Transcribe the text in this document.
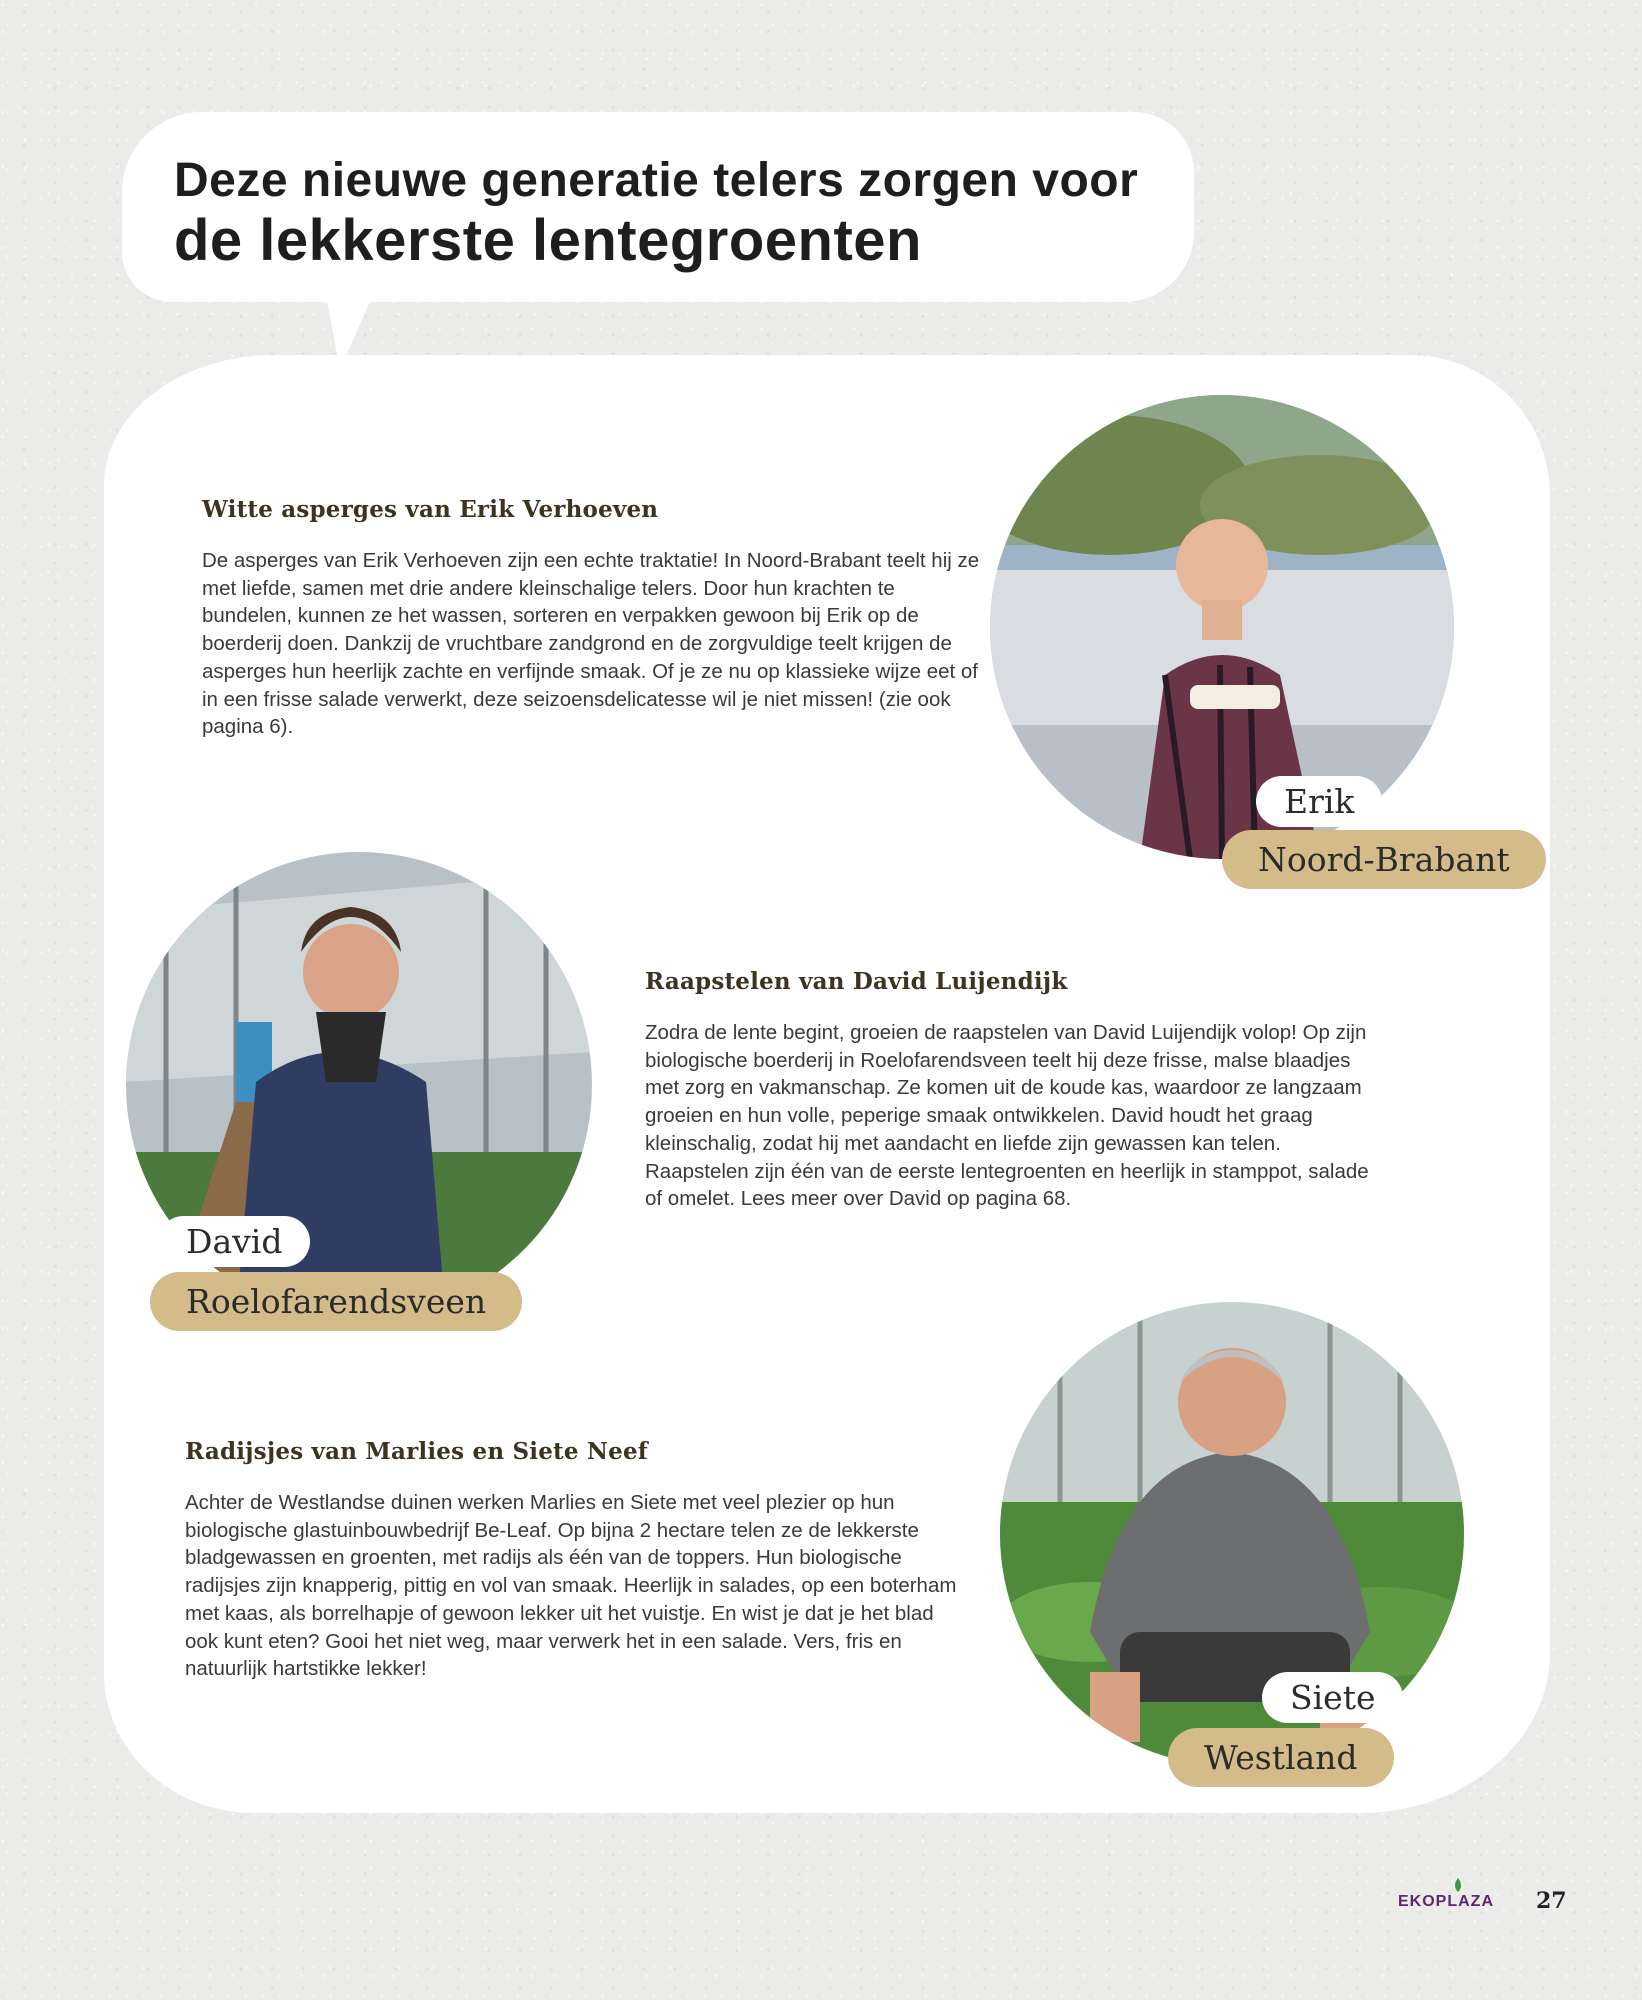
Deze nieuwe generatie telers zorgen voor
de lekkerste lentegroenten
Witte asperges van Erik Verhoeven

De asperges van Erik Verhoeven zijn een echte traktatie! In Noord-Brabant teelt hij ze met liefde, samen met drie andere kleinschalige telers. Door hun krachten te bundelen, kunnen ze het wassen, sorteren en verpakken gewoon bij Erik op de boerderij doen. Dankzij de vruchtbare zandgrond en de zorgvuldige teelt krijgen de asperges hun heerlijk zachte en verfijnde smaak. Of je ze nu op klassieke wijze eet of in een frisse salade verwerkt, deze seizoensdelicatesse wil je niet missen! (zie ook pagina 6).

Erik
Noord-Brabant
David
Roelofarendsveen
Raapstelen van David Luijendijk

Zodra de lente begint, groeien de raapstelen van David Luijendijk volop! Op zijn biologische boerderij in Roelofarendsveen teelt hij deze frisse, malse blaadjes met zorg en vakmanschap. Ze komen uit de koude kas, waardoor ze langzaam groeien en hun volle, peperige smaak ontwikkelen. David houdt het graag kleinschalig, zodat hij met aandacht en liefde zijn gewassen kan telen. Raapstelen zijn één van de eerste lentegroenten en heerlijk in stamppot, salade of omelet. Lees meer over David op pagina 68.

Radijsjes van Marlies en Siete Neef

Achter de Westlandse duinen werken Marlies en Siete met veel plezier op hun biologische glastuinbouwbedrijf Be-Leaf. Op bijna 2 hectare telen ze de lekkerste bladgewassen en groenten, met radijs als één van de toppers. Hun biologische radijsjes zijn knapperig, pittig en vol van smaak. Heerlijk in salades, op een boterham met kaas, als borrelhapje of gewoon lekker uit het vuistje. En wist je dat je het blad ook kunt eten? Gooi het niet weg, maar verwerk het in een salade. Vers, fris en natuurlijk hartstikke lekker!

Siete
Westland
EKOPLAZA 27
